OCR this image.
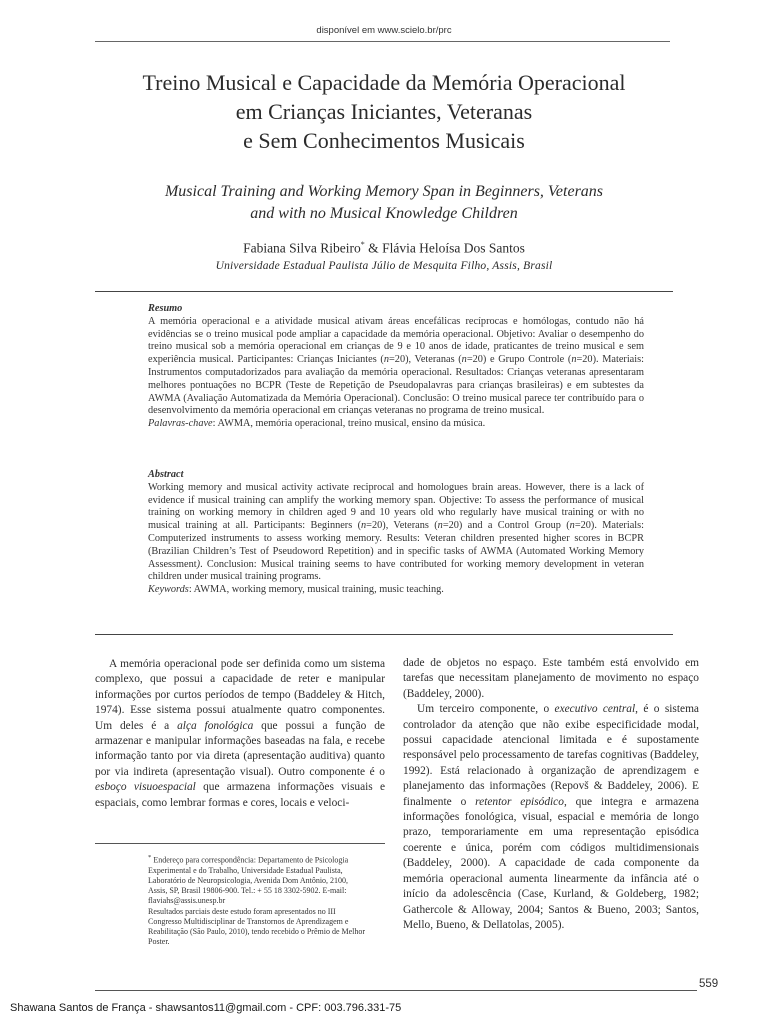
disponível em www.scielo.br/prc
Treino Musical e Capacidade da Memória Operacional
em Crianças Iniciantes, Veteranas
e Sem Conhecimentos Musicais
Musical Training and Working Memory Span in Beginners, Veterans
and with no Musical Knowledge Children
Fabiana Silva Ribeiro* & Flávia Heloísa Dos Santos
Universidade Estadual Paulista Júlio de Mesquita Filho, Assis, Brasil

Resumo

A memória operacional e a atividade musical ativam áreas encefálicas recíprocas e homólogas, contudo não há evidências se o treino musical pode ampliar a capacidade da memória operacional. Objetivo: Avaliar o desempenho do treino musical sob a memória operacional em crianças de 9 e 10 anos de idade, praticantes de treino musical e sem experiência musical. Participantes: Crianças Iniciantes (n=20), Veteranas (n=20) e Grupo Controle (n=20). Materiais: Instrumentos computadorizados para avaliação da memória operacional. Resultados: Crianças veteranas apresentaram melhores pontuações no BCPR (Teste de Repetição de Pseudopalavras para crianças brasileiras) e em subtestes da AWMA (Avaliação Automatizada da Memória Operacional). Conclusão: O treino musical parece ter contribuído para o desenvolvimento da memória operacional em crianças veteranas no programa de treino musical.

Palavras-chave: AWMA, memória operacional, treino musical, ensino da música.

Abstract

Working memory and musical activity activate reciprocal and homologues brain areas. However, there is a lack of evidence if musical training can amplify the working memory span. Objective: To assess the performance of musical training on working memory in children aged 9 and 10 years old who regularly have musical training or with no musical training at all. Participants: Beginners (n=20), Veterans (n=20) and a Control Group (n=20). Materials: Computerized instruments to assess working memory. Results: Veteran children presented higher scores in BCPR (Brazilian Children’s Test of Pseudoword Repetition) and in specific tasks of AWMA (Automated Working Memory Assessment). Conclusion: Musical training seems to have contributed for working memory development in veteran children under musical training programs.

Keywords: AWMA, working memory, musical training, music teaching.

A memória operacional pode ser definida como um sistema complexo, que possui a capacidade de reter e manipular informações por curtos períodos de tempo (Baddeley & Hitch, 1974). Esse sistema possui atualmente quatro componentes. Um deles é a alça fonológica que possui a função de armazenar e manipular informações baseadas na fala, e recebe informação tanto por via direta (apresentação auditiva) quanto por via indireta (apresentação visual). Outro componente é o esboço visuoespacial que armazena informações visuais e espaciais, como lembrar formas e cores, locais e veloci-

* Endereço para correspondência: Departamento de Psicologia Experimental e do Trabalho, Universidade Estadual Paulista, Laboratório de Neuropsicologia, Avenida Dom Antônio, 2100, Assis, SP, Brasil 19806-900. Tel.: + 55 18 3302-5902. E-mail: flaviahs@assis.unesp.br

Resultados parciais deste estudo foram apresentados no III Congresso Multidisciplinar de Transtornos de Aprendizagem e Reabilitação (São Paulo, 2010), tendo recebido o Prêmio de Melhor Poster.

dade de objetos no espaço. Este também está envolvido em tarefas que necessitam planejamento de movimento no espaço (Baddeley, 2000).

Um terceiro componente, o executivo central, é o sistema controlador da atenção que não exibe especificidade modal, possui capacidade atencional limitada e é supostamente responsável pelo processamento de tarefas cognitivas (Baddeley, 1992). Está relacionado à organização de aprendizagem e planejamento das informações (Repovš & Baddeley, 2006). E finalmente o retentor episódico, que integra e armazena informações fonológica, visual, espacial e memória de longo prazo, temporariamente em uma representação episódica coerente e única, porém com códigos multidimensionais (Baddeley, 2000). A capacidade de cada componente da memória operacional aumenta linearmente da infância até o início da adolescência (Case, Kurland, & Goldeberg, 1982; Gathercole & Alloway, 2004; Santos & Bueno, 2003; Santos, Mello, Bueno, & Dellatolas, 2005).

559
Shawana Santos de França - shawsantos11@gmail.com - CPF: 003.796.331-75
